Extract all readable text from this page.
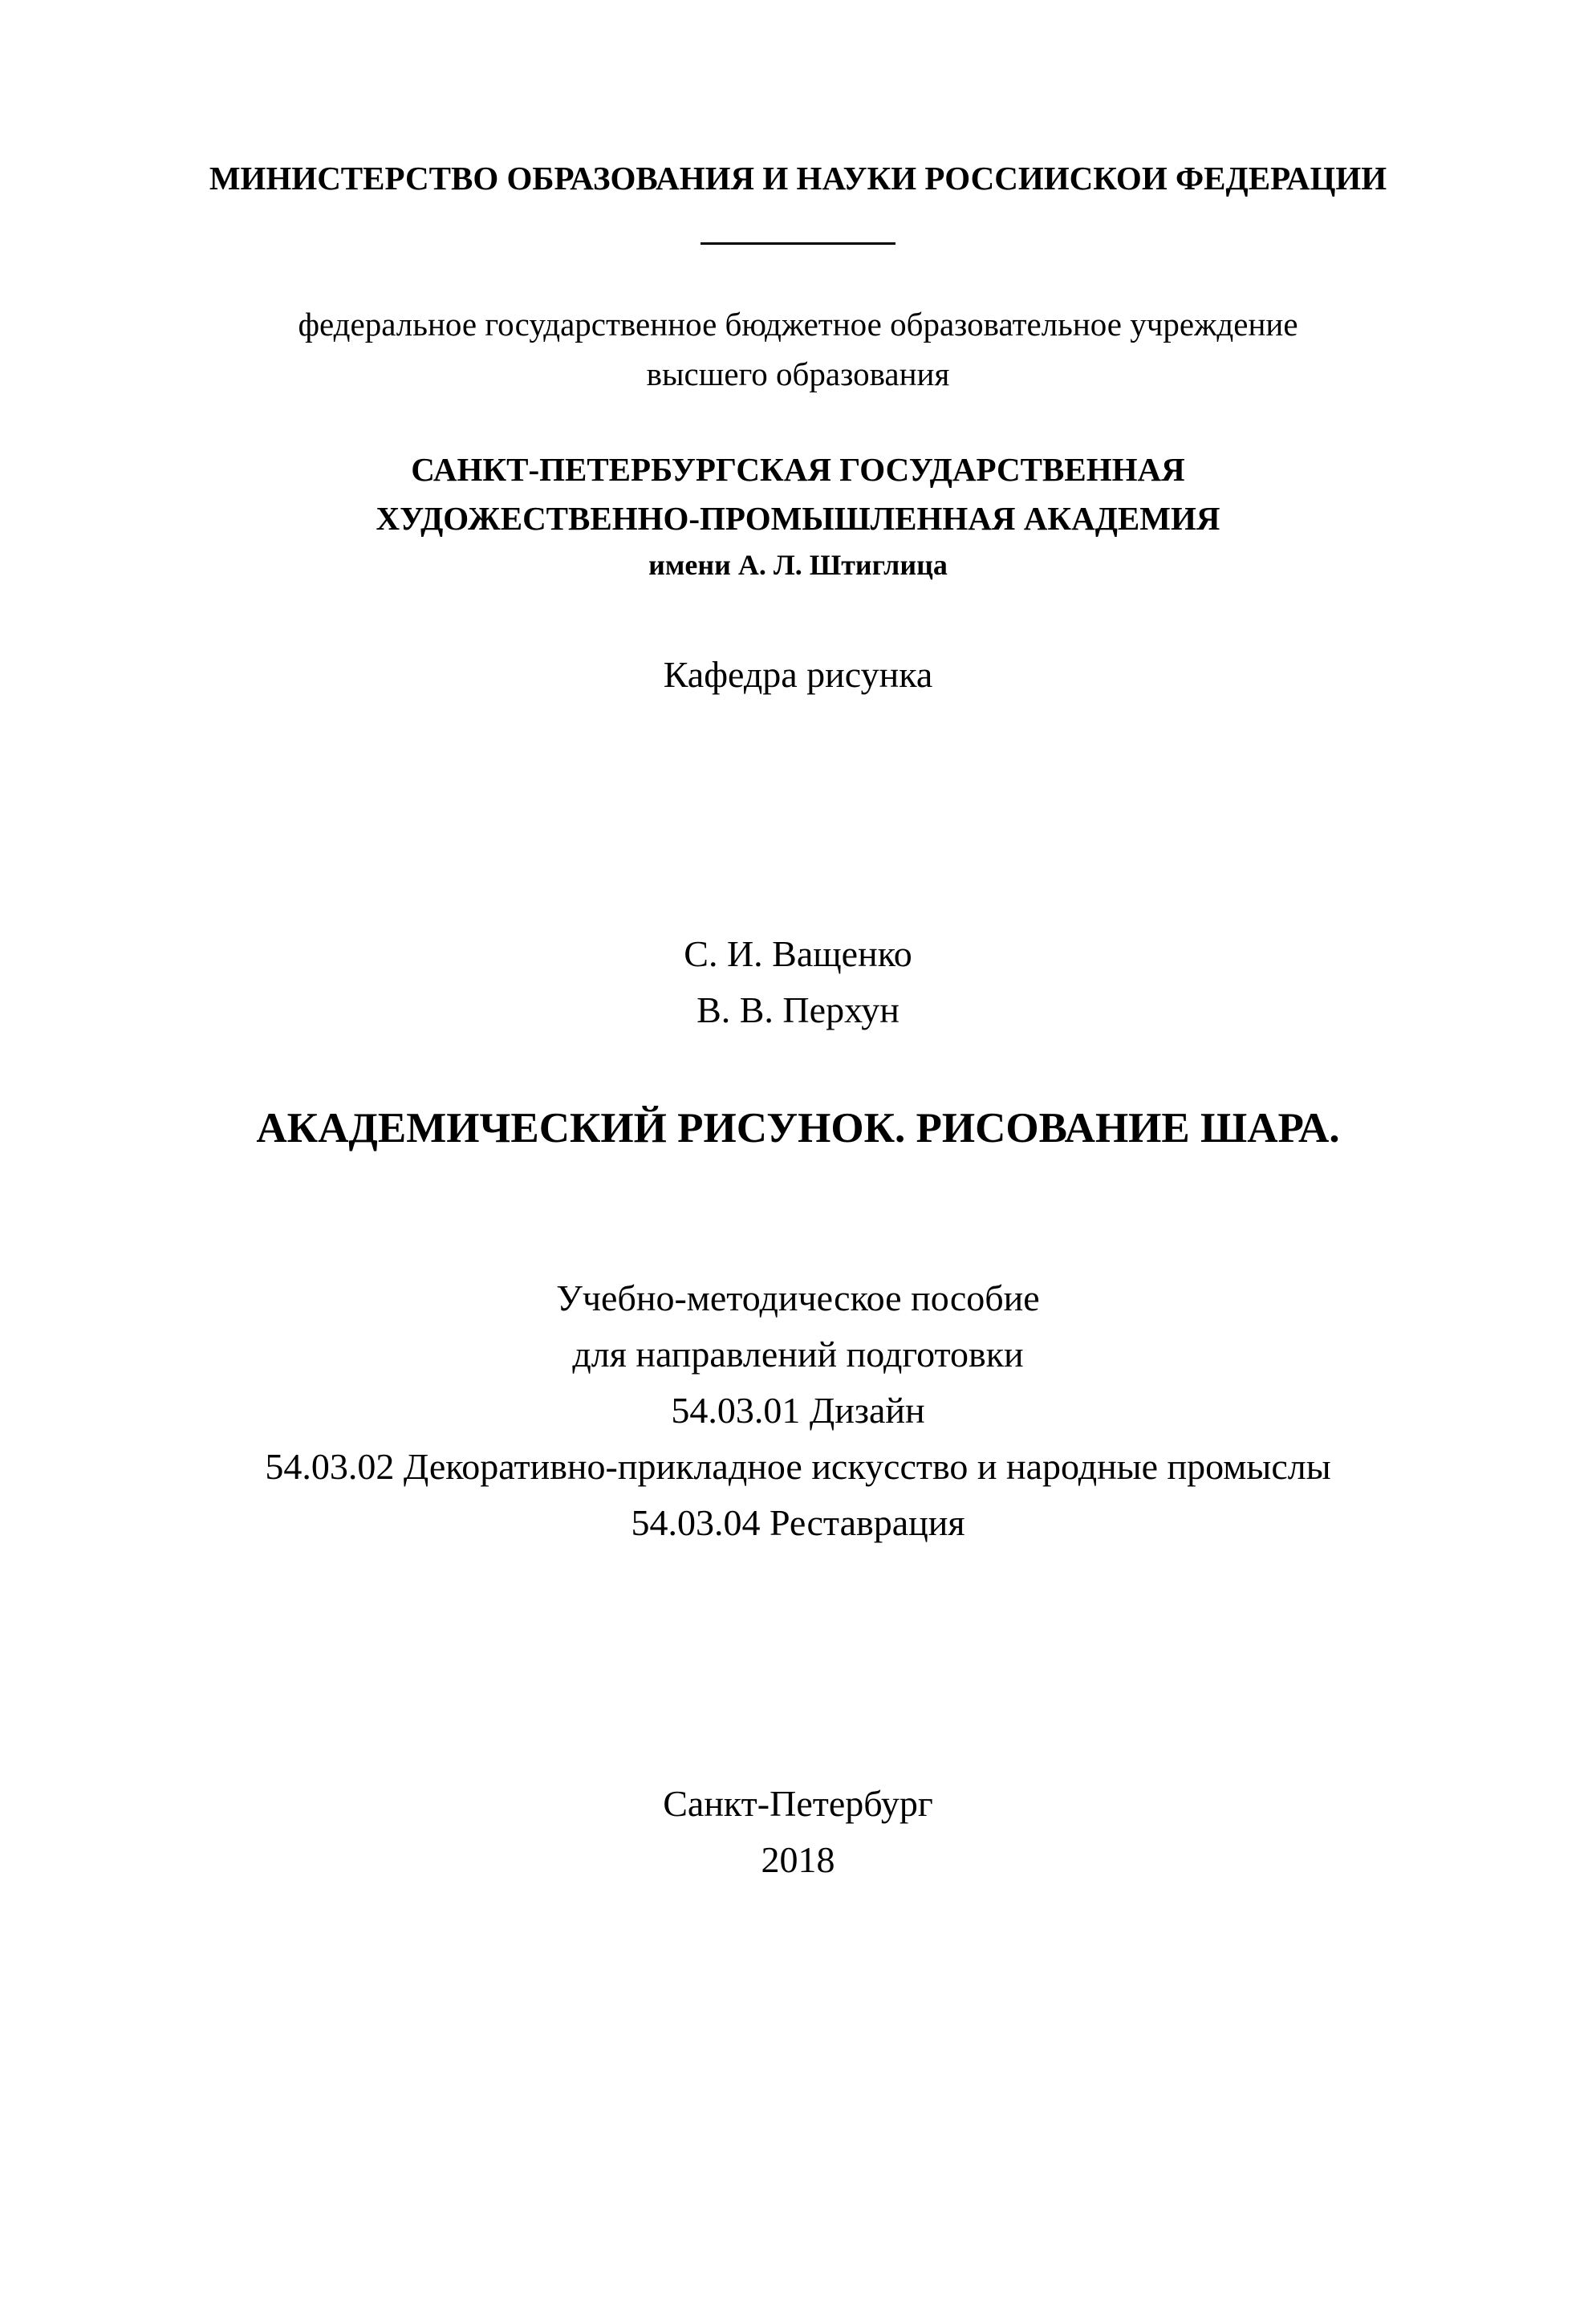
МИНИСТЕРСТВО ОБРАЗОВАНИЯ И НАУКИ РОССИИСКОИ ФЕДЕРАЦИИ
федеральное государственное бюджетное образовательное учреждение
высшего образования
САНКТ-ПЕТЕРБУРГСКАЯ ГОСУДАРСТВЕННАЯ
ХУДОЖЕСТВЕННО-ПРОМЫШЛЕННАЯ АКАДЕМИЯ
имени А. Л. Штиглица
Кафедра рисунка
С. И. Ващенко
В. В. Перхун
АКАДЕМИЧЕСКИЙ РИСУНОК. РИСОВАНИЕ ШАРА.
Учебно-методическое пособие
для направлений подготовки
54.03.01 Дизайн
54.03.02 Декоративно-прикладное искусство и народные промыслы
54.03.04 Реставрация
Санкт-Петербург
2018
